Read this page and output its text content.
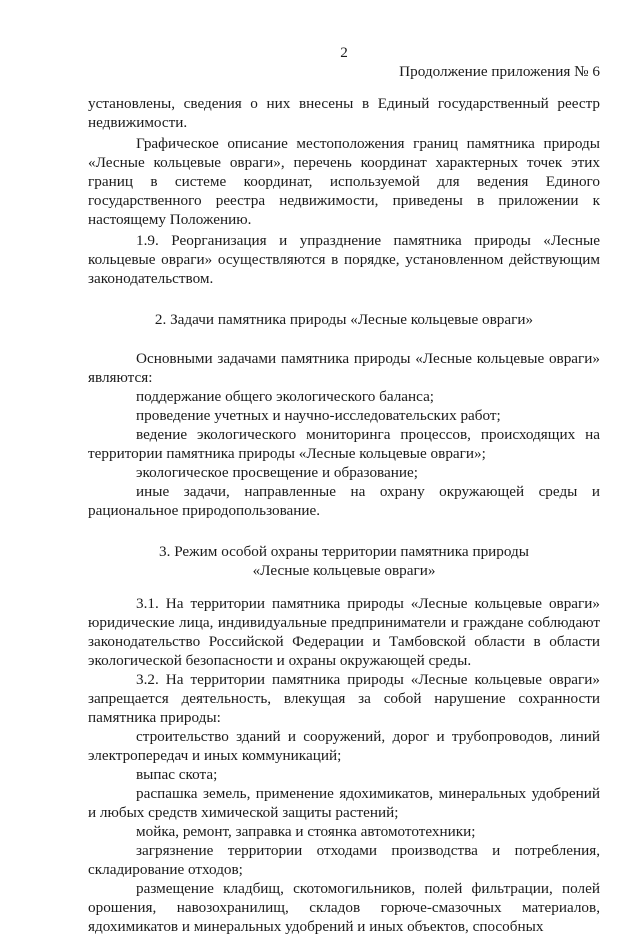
2

Продолжение приложения № 6

установлены, сведения о них внесены в Единый государственный реестр недвижимости.

Графическое описание местоположения границ памятника природы «Лесные кольцевые овраги», перечень координат характерных точек этих границ в системе координат, используемой для ведения Единого государственного реестра недвижимости, приведены в приложении к настоящему Положению.

1.9. Реорганизация и упразднение памятника природы «Лесные кольцевые овраги» осуществляются в порядке, установленном действующим законодательством.

2. Задачи памятника природы «Лесные кольцевые овраги»

Основными задачами памятника природы «Лесные кольцевые овраги» являются:

поддержание общего экологического баланса;

проведение учетных и научно-исследовательских работ;

ведение экологического мониторинга процессов, происходящих на территории памятника природы «Лесные кольцевые овраги»;

экологическое просвещение и образование;

иные задачи, направленные на охрану окружающей среды и рациональное природопользование.

3. Режим особой охраны территории памятника природы

«Лесные кольцевые овраги»

3.1. На территории памятника природы «Лесные кольцевые овраги» юридические лица, индивидуальные предприниматели и граждане соблюдают законодательство Российской Федерации и Тамбовской области в области экологической безопасности и охраны окружающей среды.

3.2. На территории памятника природы «Лесные кольцевые овраги» запрещается деятельность, влекущая за собой нарушение сохранности памятника природы:

строительство зданий и сооружений, дорог и трубопроводов, линий электропередач и иных коммуникаций;

выпас скота;

распашка земель, применение ядохимикатов, минеральных удобрений и любых средств химической защиты растений;

мойка, ремонт, заправка и стоянка автомототехники;

загрязнение территории отходами производства и потребления, складирование отходов;

размещение кладбищ, скотомогильников, полей фильтрации, полей орошения, навозохранилищ, складов горюче-смазочных материалов, ядохимикатов и минеральных удобрений и иных объектов, способных
